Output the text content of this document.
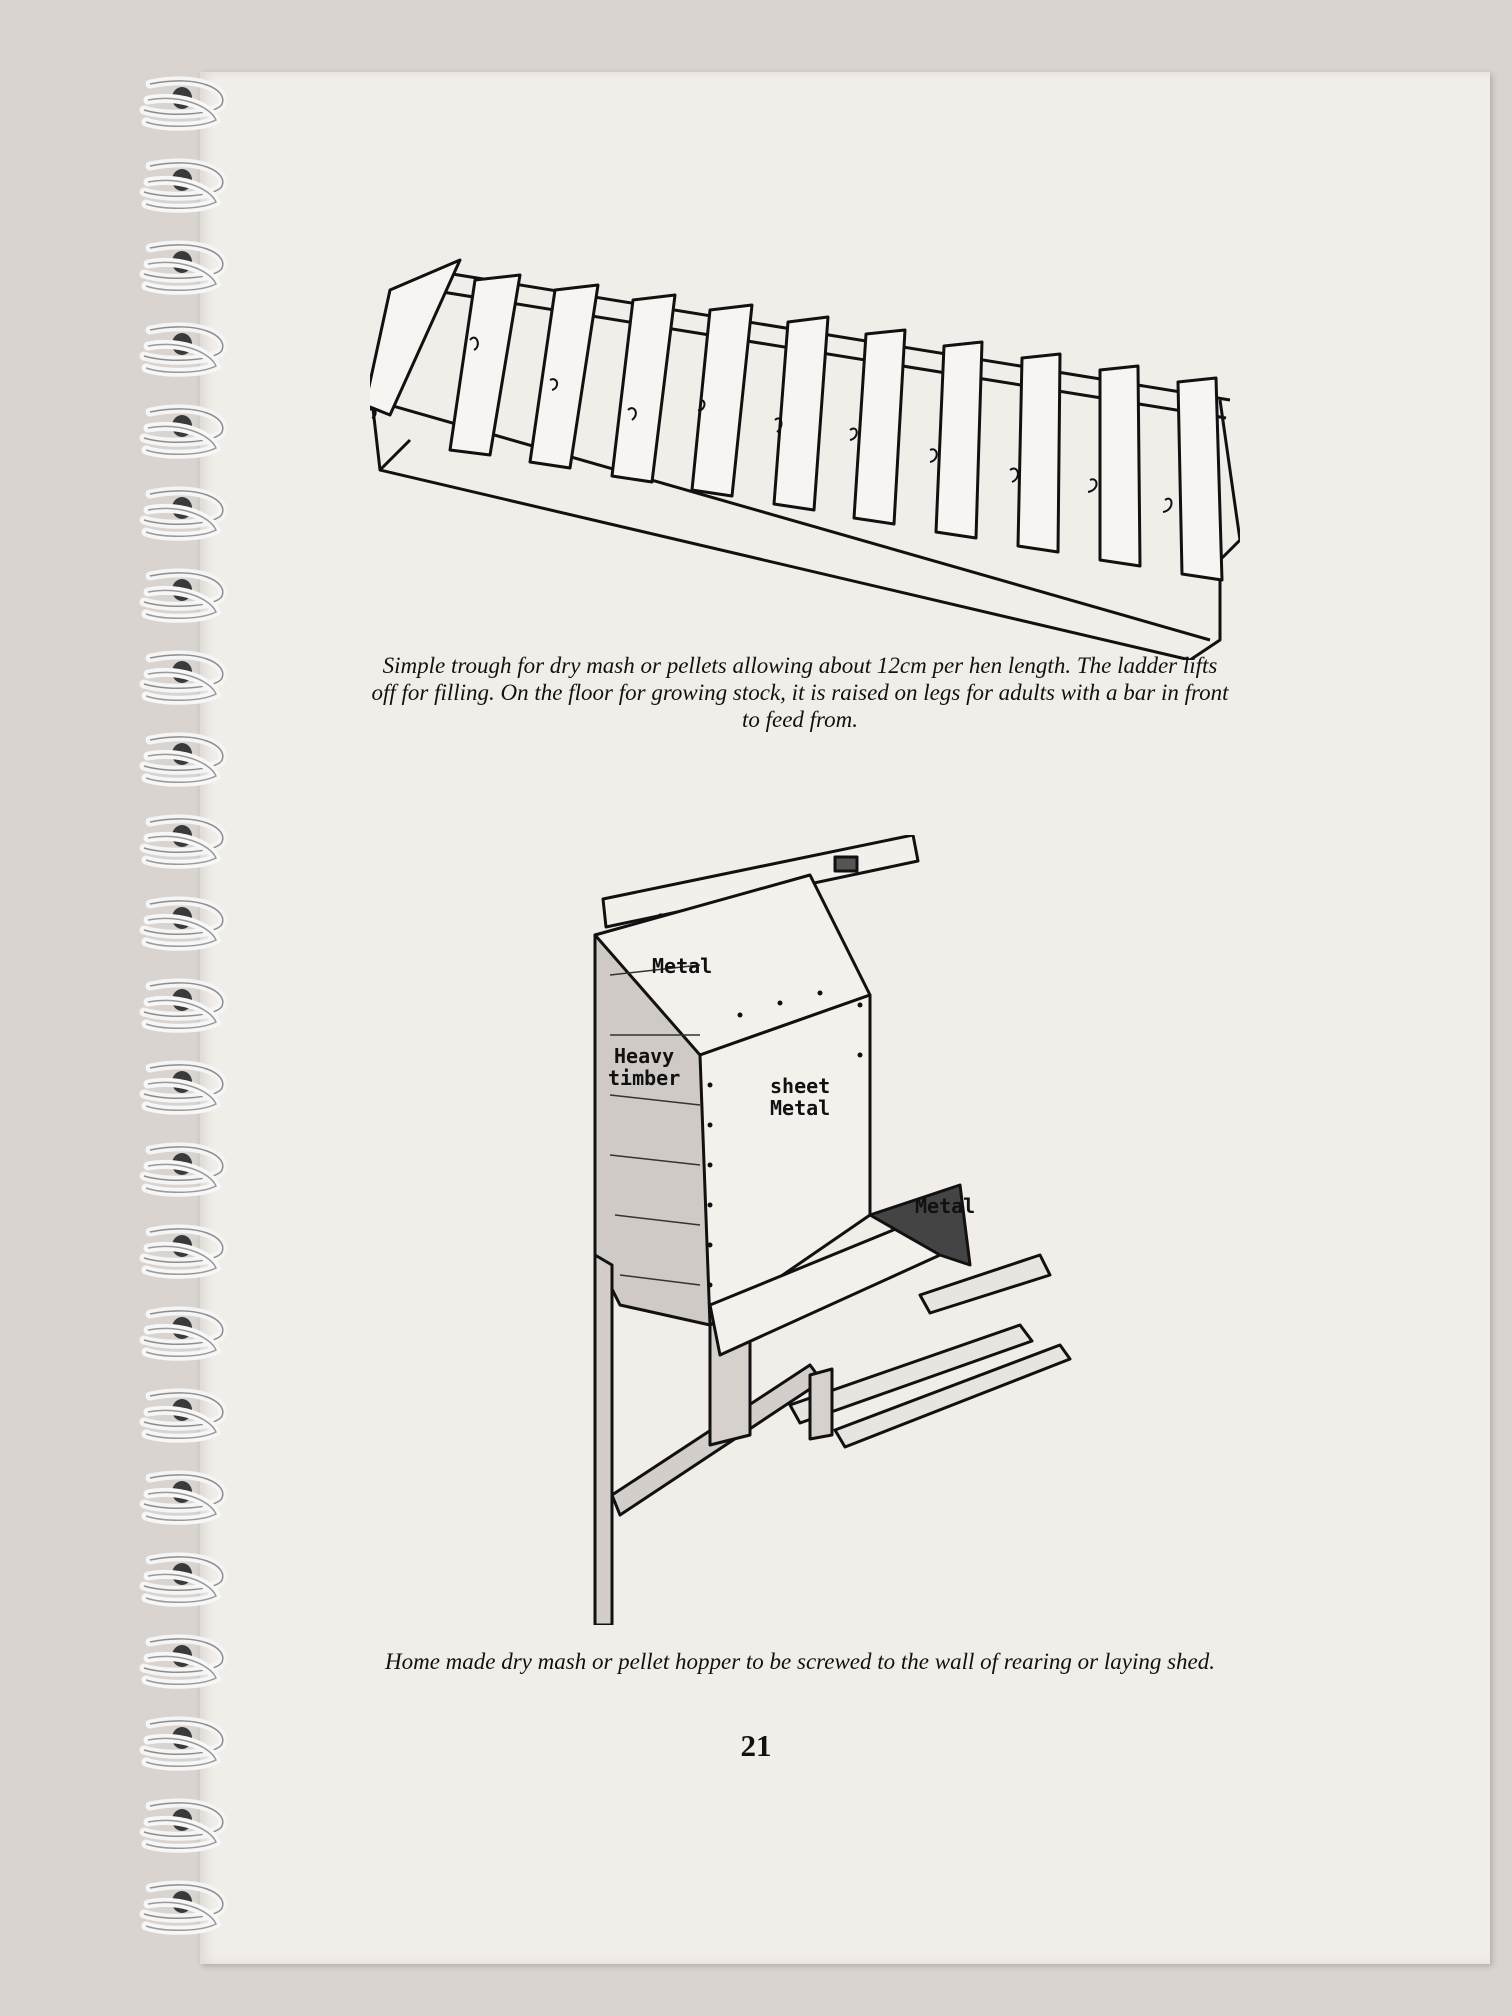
Simple trough for dry mash or pellets allowing about 12cm per hen length. The ladder lifts off for filling. On the floor for growing stock, it is raised on legs for adults with a bar in front to feed from.
Metal
Heavy
timber	sheet
Metal
Metal
Home made dry mash or pellet hopper to be screwed to the wall of rearing or laying shed.
21
